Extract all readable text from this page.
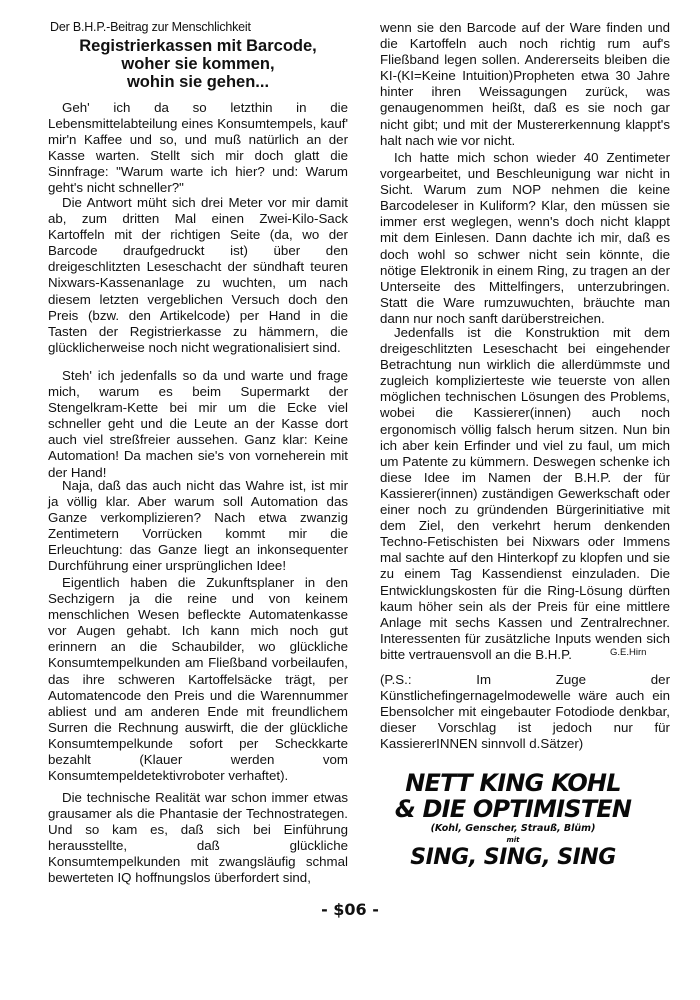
Der B.H.P.-Beitrag zur Menschlichkeit
Registrierkassen mit Barcode,
woher sie kommen,
wohin sie gehen...

Geh' ich da so letzthin in die Lebensmittelabteilung eines Konsumtempels, kauf' mir'n Kaffee und so, und muß natürlich an der Kasse warten. Stellt sich mir doch glatt die Sinnfrage: "Warum warte ich hier? und: Warum geht's nicht schneller?"

Die Antwort müht sich drei Meter vor mir damit ab, zum dritten Mal einen Zwei-Kilo-Sack Kartoffeln mit der richtigen Seite (da, wo der Barcode draufgedruckt ist) über den dreigeschlitzten Leseschacht der sündhaft teuren Nixwars-Kassenanlage zu wuchten, um nach diesem letzten vergeblichen Versuch doch den Preis (bzw. den Artikelcode) per Hand in die Tasten der Registrierkasse zu hämmern, die glücklicherweise noch nicht wegrationalisiert sind.

Steh' ich jedenfalls so da und warte und frage mich, warum es beim Supermarkt der Stengelkram-Kette bei mir um die Ecke viel schneller geht und die Leute an der Kasse dort auch viel streßfreier aussehen. Ganz klar: Keine Automation! Da machen sie's von vorneherein mit der Hand!

Naja, daß das auch nicht das Wahre ist, ist mir ja völlig klar. Aber warum soll Automation das Ganze verkomplizieren? Nach etwa zwanzig Zentimetern Vorrücken kommt mir die Erleuchtung: das Ganze liegt an inkonsequenter Durchführung einer ursprünglichen Idee!

Eigentlich haben die Zukunftsplaner in den Sechzigern ja die reine und von keinem menschlichen Wesen befleckte Automatenkasse vor Augen gehabt. Ich kann mich noch gut erinnern an die Schaubilder, wo glückliche Konsumtempelkunden am Fließband vorbeilaufen, das ihre schweren Kartoffelsäcke trägt, per Automatencode den Preis und die Warennummer abliest und am anderen Ende mit freundlichem Surren die Rechnung auswirft, die der glückliche Konsumtempelkunde sofort per Scheckkarte bezahlt (Klauer werden vom Konsumtempeldetektivroboter verhaftet).

Die technische Realität war schon immer etwas grausamer als die Phantasie der Technostrategen. Und so kam es, daß sich bei Einführung herausstellte, daß glückliche Konsumtempelkunden mit zwangsläufig schmal bewerteten IQ hoffnungslos überfordert sind,

wenn sie den Barcode auf der Ware finden und die Kartoffeln auch noch richtig rum auf's Fließband legen sollen. Andererseits bleiben die KI-(KI=Keine Intuition)Propheten etwa 30 Jahre hinter ihren Weissagungen zurück, was genaugenommen heißt, daß es sie noch gar nicht gibt; und mit der Mustererkennung klappt's halt nach wie vor nicht.

Ich hatte mich schon wieder 40 Zentimeter vorgearbeitet, und Beschleunigung war nicht in Sicht. Warum zum NOP nehmen die keine Barcodeleser in Kuliform? Klar, den müssen sie immer erst weglegen, wenn's doch nicht klappt mit dem Einlesen. Dann dachte ich mir, daß es doch wohl so schwer nicht sein könnte, die nötige Elektronik in einem Ring, zu tragen an der Unterseite des Mittelfingers, unterzubringen. Statt die Ware rumzuwuchten, bräuchte man dann nur noch sanft darüberstreichen.

Jedenfalls ist die Konstruktion mit dem dreigeschlitzten Leseschacht bei eingehender Betrachtung nun wirklich die allerdümmste und zugleich komplizierteste wie teuerste von allen möglichen technischen Lösungen des Problems, wobei die Kassierer(innen) auch noch ergonomisch völlig falsch herum sitzen. Nun bin ich aber kein Erfinder und viel zu faul, um mich um Patente zu kümmern. Deswegen schenke ich diese Idee im Namen der B.H.P. der für Kassierer(innen) zuständigen Gewerkschaft oder einer noch zu gründenden Bürgerinitiative mit dem Ziel, den verkehrt herum denkenden Techno-Fetischisten bei Nixwars oder Immens mal sachte auf den Hinterkopf zu klopfen und sie zu einem Tag Kassendienst einzuladen. Die Entwicklungskosten für die Ring-Lösung dürften kaum höher sein als der Preis für eine mittlere Anlage mit sechs Kassen und Zentralrechner. Interessenten für zusätzliche Inputs wenden sich bitte vertrauensvoll an die B.H.P.	G.E.Hirn

(P.S.: Im Zuge der Künstlichefingernagelmodewelle wäre auch ein Ebensolcher mit eingebauter Fotodiode denkbar, dieser Vorschlag ist jedoch nur für KassiererINNEN sinnvoll d.Sätzer)

NETT KING KOHL
& DIE OPTIMISTEN
(Kohl, Genscher, Strauß, Blüm)
mit
SING, SING, SING
- $06 -
